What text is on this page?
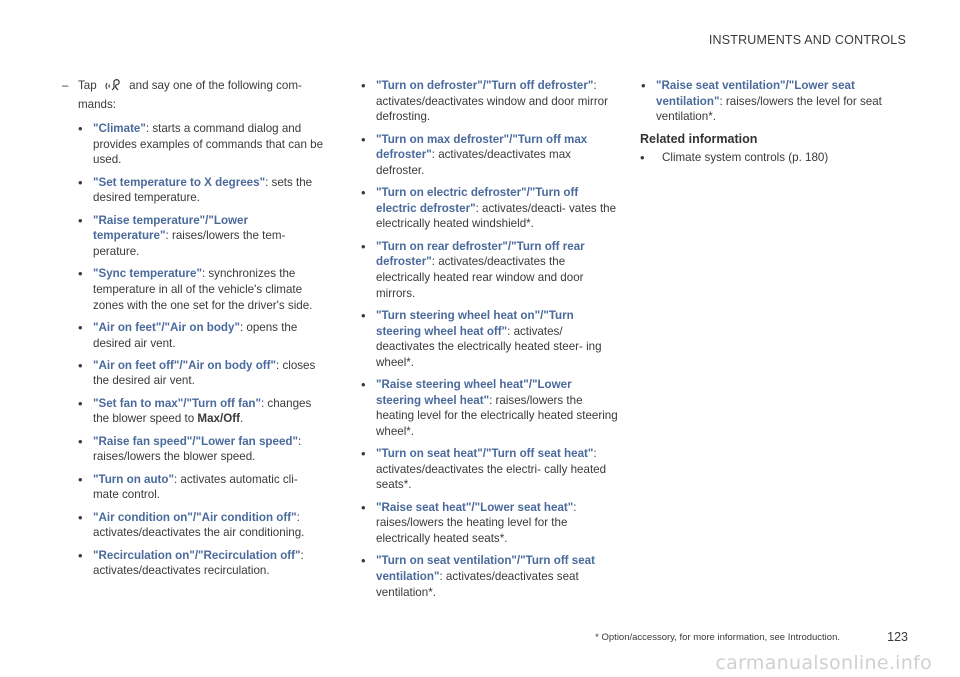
INSTRUMENTS AND CONTROLS
– Tap	and say one of the following com- mands:
• "Climate": starts a command dialog and provides examples of commands that can be used.
• "Set temperature to X degrees": sets the desired temperature.
• "Raise temperature"/"Lower temperature": raises/lowers the tem- perature.
• "Sync temperature": synchronizes the temperature in all of the vehicle's climate zones with the one set for the driver's side.
• "Air on feet"/"Air on body": opens the desired air vent.
• "Air on feet off"/"Air on body off": closes the desired air vent.
• "Set fan to max"/"Turn off fan": changes the blower speed to Max/Off.
• "Raise fan speed"/"Lower fan speed": raises/lowers the blower speed.
• "Turn on auto": activates automatic cli- mate control.
• "Air condition on"/"Air condition off": activates/deactivates the air conditioning.
• "Recirculation on"/"Recirculation off": activates/deactivates recirculation.
• "Turn on defroster"/"Turn off defroster": activates/deactivates window and door mirror defrosting.
• "Turn on max defroster"/"Turn off max defroster": activates/deactivates max defroster.
• "Turn on electric defroster"/"Turn off electric defroster": activates/deacti- vates the electrically heated windshield*.
• "Turn on rear defroster"/"Turn off rear defroster": activates/deactivates the electrically heated rear window and door mirrors.
• "Turn steering wheel heat on"/"Turn steering wheel heat off": activates/ deactivates the electrically heated steer- ing wheel*.
• "Raise steering wheel heat"/"Lower steering wheel heat": raises/lowers the heating level for the electrically heated steering wheel*.
• "Turn on seat heat"/"Turn off seat heat": activates/deactivates the electri- cally heated seats*.
• "Raise seat heat"/"Lower seat heat": raises/lowers the heating level for the electrically heated seats*.
• "Turn on seat ventilation"/"Turn off seat ventilation": activates/deactivates seat ventilation*.
• "Raise seat ventilation"/"Lower seat ventilation": raises/lowers the level for seat ventilation*.
Related information
• Climate system controls (p. 180)
* Option/accessory, for more information, see Introduction.	123
carmanualsonline.info
